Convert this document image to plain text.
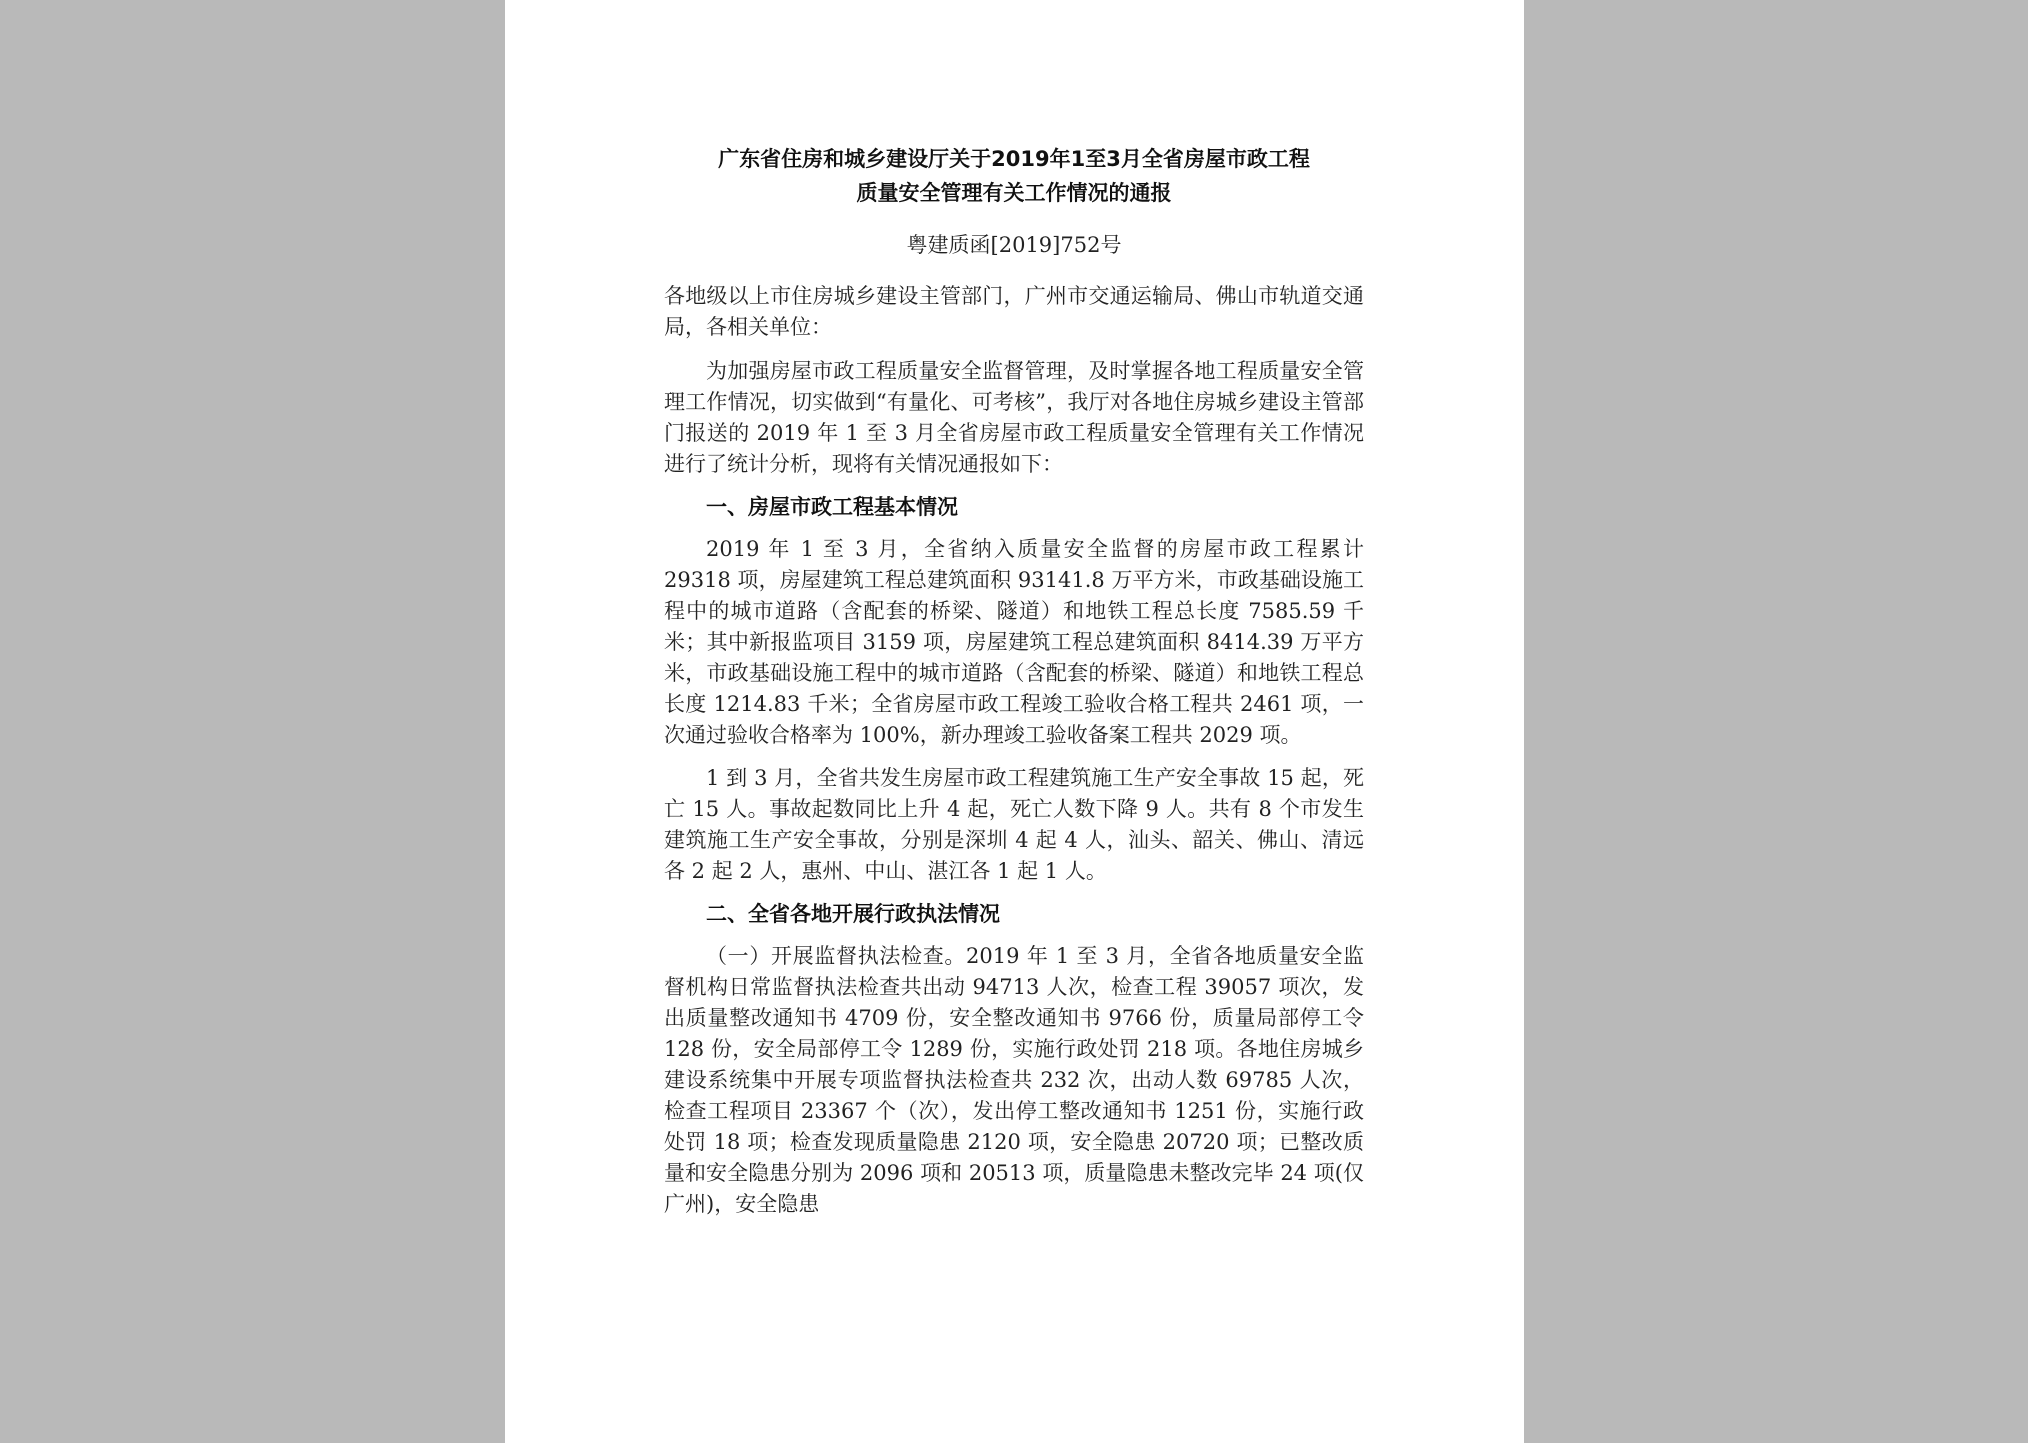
广东省住房和城乡建设厅关于2019年1至3月全省房屋市政工程
质量安全管理有关工作情况的通报
粤建质函[2019]752号

各地级以上市住房城乡建设主管部门，广州市交通运输局、佛山市轨道交通局，各相关单位：

为加强房屋市政工程质量安全监督管理，及时掌握各地工程质量安全管理工作情况，切实做到“有量化、可考核”，我厅对各地住房城乡建设主管部门报送的 2019 年 1 至 3 月全省房屋市政工程质量安全管理有关工作情况进行了统计分析，现将有关情况通报如下：

一、房屋市政工程基本情况

2019 年 1 至 3 月，全省纳入质量安全监督的房屋市政工程累计 29318 项，房屋建筑工程总建筑面积 93141.8 万平方米，市政基础设施工程中的城市道路（含配套的桥梁、隧道）和地铁工程总长度 7585.59 千米；其中新报监项目 3159 项，房屋建筑工程总建筑面积 8414.39 万平方米，市政基础设施工程中的城市道路（含配套的桥梁、隧道）和地铁工程总长度 1214.83 千米；全省房屋市政工程竣工验收合格工程共 2461 项，一次通过验收合格率为 100%，新办理竣工验收备案工程共 2029 项。

1 到 3 月，全省共发生房屋市政工程建筑施工生产安全事故 15 起，死亡 15 人。事故起数同比上升 4 起，死亡人数下降 9 人。共有 8 个市发生建筑施工生产安全事故，分别是深圳 4 起 4 人，汕头、韶关、佛山、清远各 2 起 2 人，惠州、中山、湛江各 1 起 1 人。

二、全省各地开展行政执法情况

（一）开展监督执法检查。2019 年 1 至 3 月，全省各地质量安全监督机构日常监督执法检查共出动 94713 人次，检查工程 39057 项次，发出质量整改通知书 4709 份，安全整改通知书 9766 份，质量局部停工令 128 份，安全局部停工令 1289 份，实施行政处罚 218 项。各地住房城乡建设系统集中开展专项监督执法检查共 232 次，出动人数 69785 人次，检查工程项目 23367 个（次），发出停工整改通知书 1251 份，实施行政处罚 18 项；检查发现质量隐患 2120 项，安全隐患 20720 项；已整改质量和安全隐患分别为 2096 项和 20513 项，质量隐患未整改完毕 24 项(仅广州)，安全隐患
